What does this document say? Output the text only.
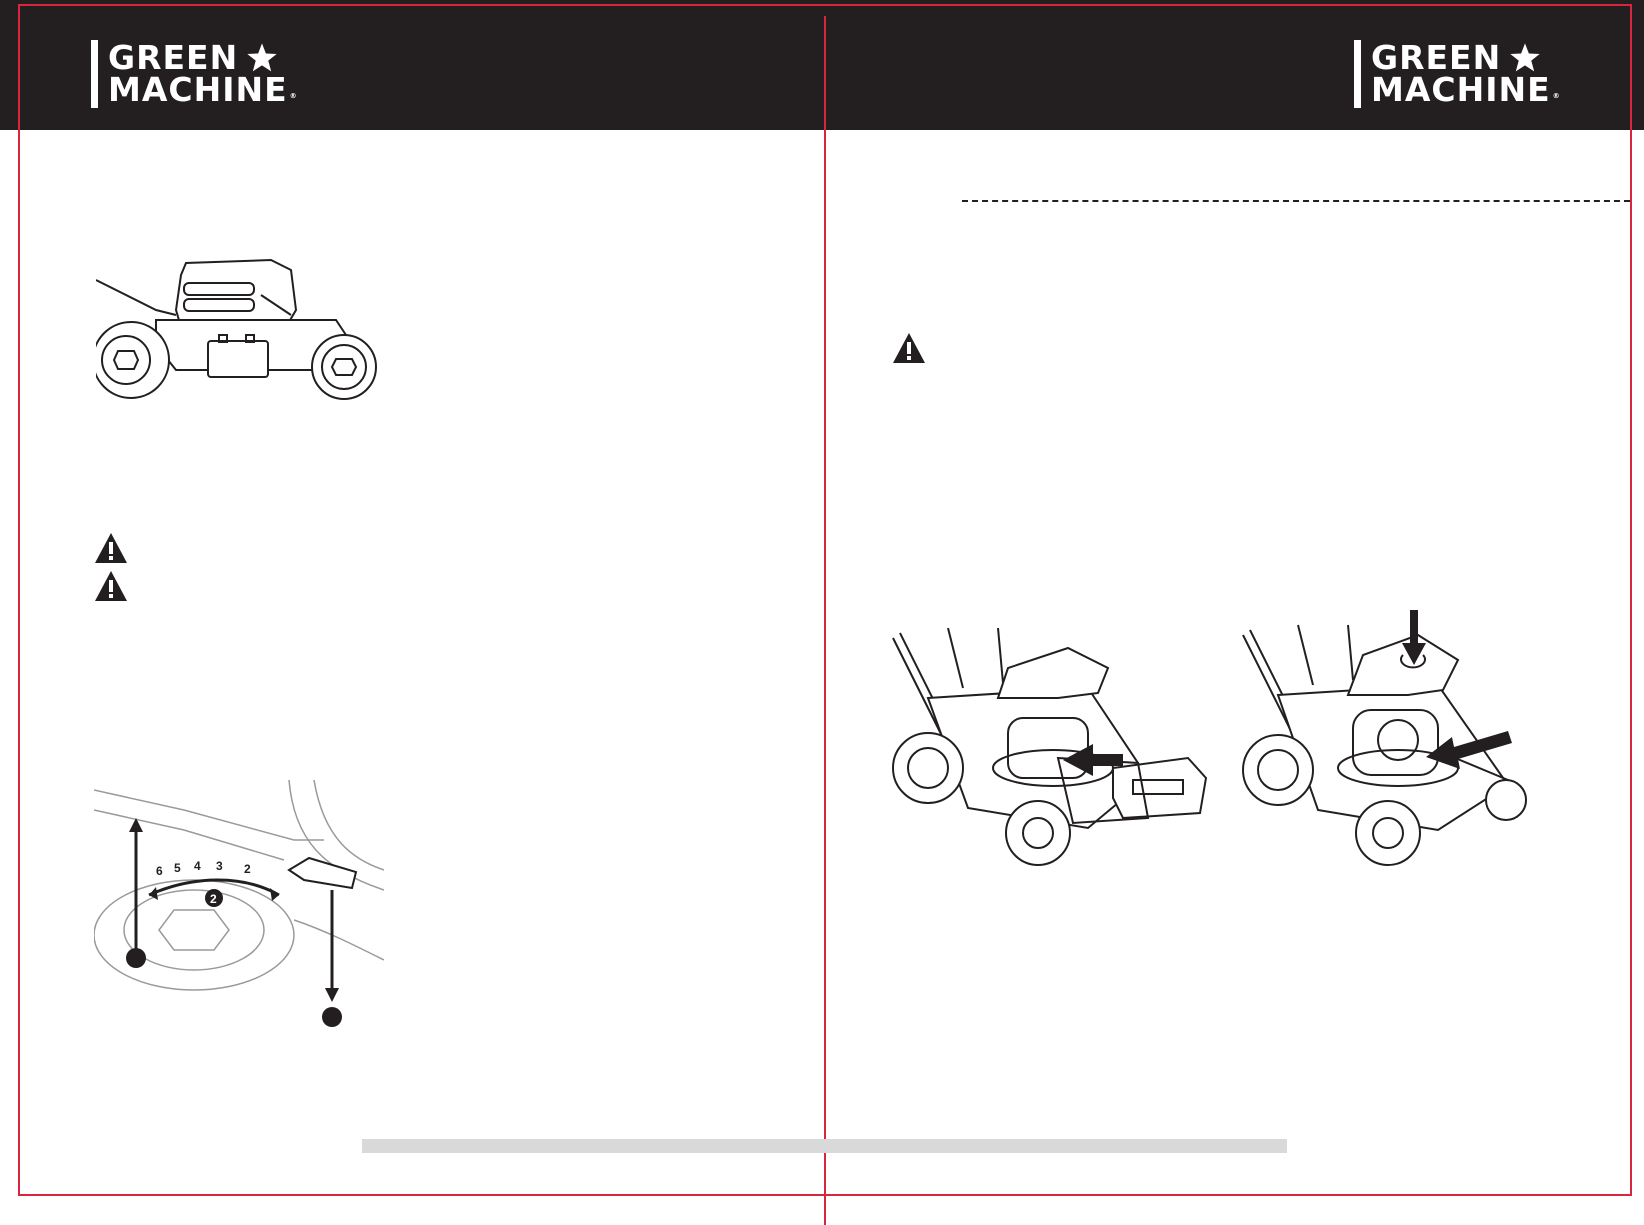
GREEN
MACHINE ®
GREEN
MACHINE ®
6 5 4 3 2
2
